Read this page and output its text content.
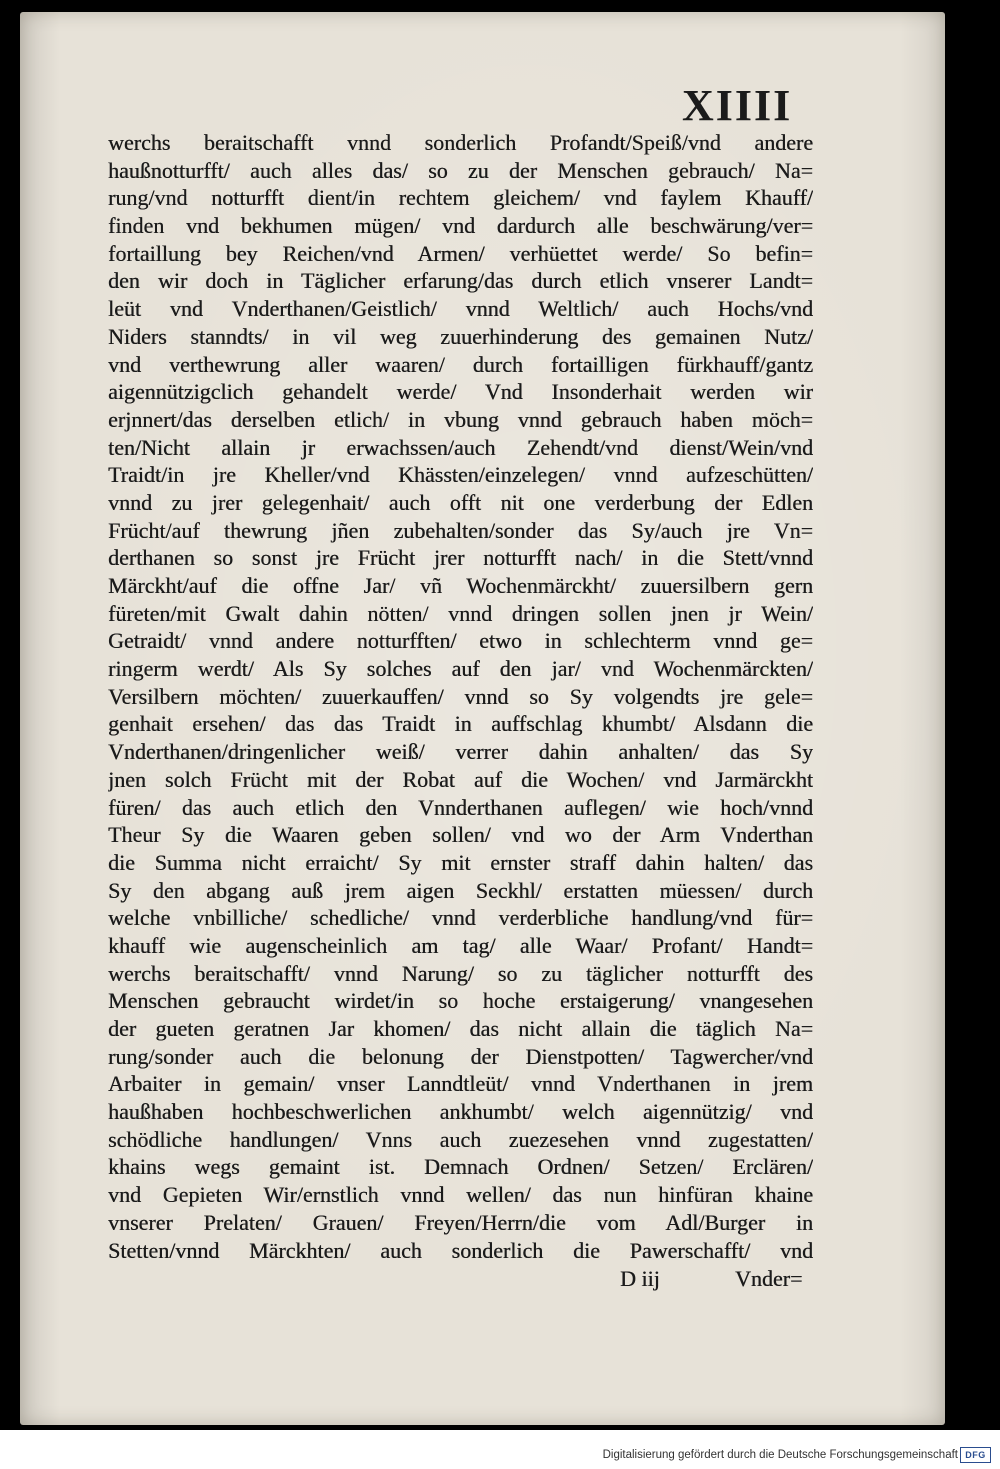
XIIII
werchs beraitschafft vnnd sonderlich Profandt/Speiß/vnd andere
haußnotturfft/ auch alles das/ so zu der Menschen gebrauch/ Na=
rung/vnd notturfft dient/in rechtem gleichem/ vnd faylem Khauff/
finden vnd bekhumen mügen/ vnd dardurch alle beschwärung/ver=
fortaillung bey Reichen/vnd Armen/ verhüettet werde/ So befin=
den wir doch in Täglicher erfarung/das durch etlich vnserer Landt=
leüt vnd Vnderthanen/Geistlich/ vnnd Weltlich/ auch Hochs/vnd
Niders stanndts/ in vil weg zuuerhinderung des gemainen Nutz/
vnd verthewrung aller waaren/ durch fortailligen fürkhauff/gantz
aigennützigclich gehandelt werde/ Vnd Insonderhait werden wir
erjnnert/das derselben etlich/ in vbung vnnd gebrauch haben möch=
ten/Nicht allain jr erwachssen/auch Zehendt/vnd dienst/Wein/vnd
Traidt/in jre Kheller/vnd Khässten/einzelegen/ vnnd aufzeschütten/
vnnd zu jrer gelegenhait/ auch offt nit one verderbung der Edlen
Frücht/auf thewrung jñen zubehalten/sonder das Sy/auch jre Vn=
derthanen so sonst jre Frücht jrer notturfft nach/ in die Stett/vnnd
Märckht/auf die offne Jar/ vñ Wochenmärckht/ zuuersilbern gern
füreten/mit Gwalt dahin nötten/ vnnd dringen sollen jnen jr Wein/
Getraidt/ vnnd andere notturfften/ etwo in schlechterm vnnd ge=
ringerm werdt/ Als Sy solches auf den jar/ vnd Wochenmärckten/
Versilbern möchten/ zuuerkauffen/ vnnd so Sy volgendts jre gele=
genhait ersehen/ das das Traidt in auffschlag khumbt/ Alsdann die
Vnderthanen/dringenlicher weiß/ verrer dahin anhalten/ das Sy
jnen solch Frücht mit der Robat auf die Wochen/ vnd Jarmärckht
füren/ das auch etlich den Vnnderthanen auflegen/ wie hoch/vnnd
Theur Sy die Waaren geben sollen/ vnd wo der Arm Vnderthan
die Summa nicht erraicht/ Sy mit ernster straff dahin halten/ das
Sy den abgang auß jrem aigen Seckhl/ erstatten müessen/ durch
welche vnbilliche/ schedliche/ vnnd verderbliche handlung/vnd für=
khauff wie augenscheinlich am tag/ alle Waar/ Profant/ Handt=
werchs beraitschafft/ vnnd Narung/ so zu täglicher notturfft des
Menschen gebraucht wirdet/in so hoche erstaigerung/ vnangesehen
der gueten geratnen Jar khomen/ das nicht allain die täglich Na=
rung/sonder auch die belonung der Dienstpotten/ Tagwercher/vnd
Arbaiter in gemain/ vnser Lanndtleüt/ vnnd Vnderthanen in jrem
haußhaben hochbeschwerlichen ankhumbt/ welch aigennützig/ vnd
schödliche handlungen/ Vnns auch zuezesehen vnnd zugestatten/
khains wegs gemaint ist. Demnach Ordnen/ Setzen/ Erclären/
vnd Gepieten Wir/ernstlich vnnd wellen/ das nun hinfüran khaine
vnserer Prelaten/ Grauen/ Freyen/Herrn/die vom Adl/Burger in
Stetten/vnnd Märckhten/ auch sonderlich die Pawerschafft/ vnd
D iij	Vnder=
Digitalisierung gefördert durch die Deutsche Forschungsgemeinschaft DFG
